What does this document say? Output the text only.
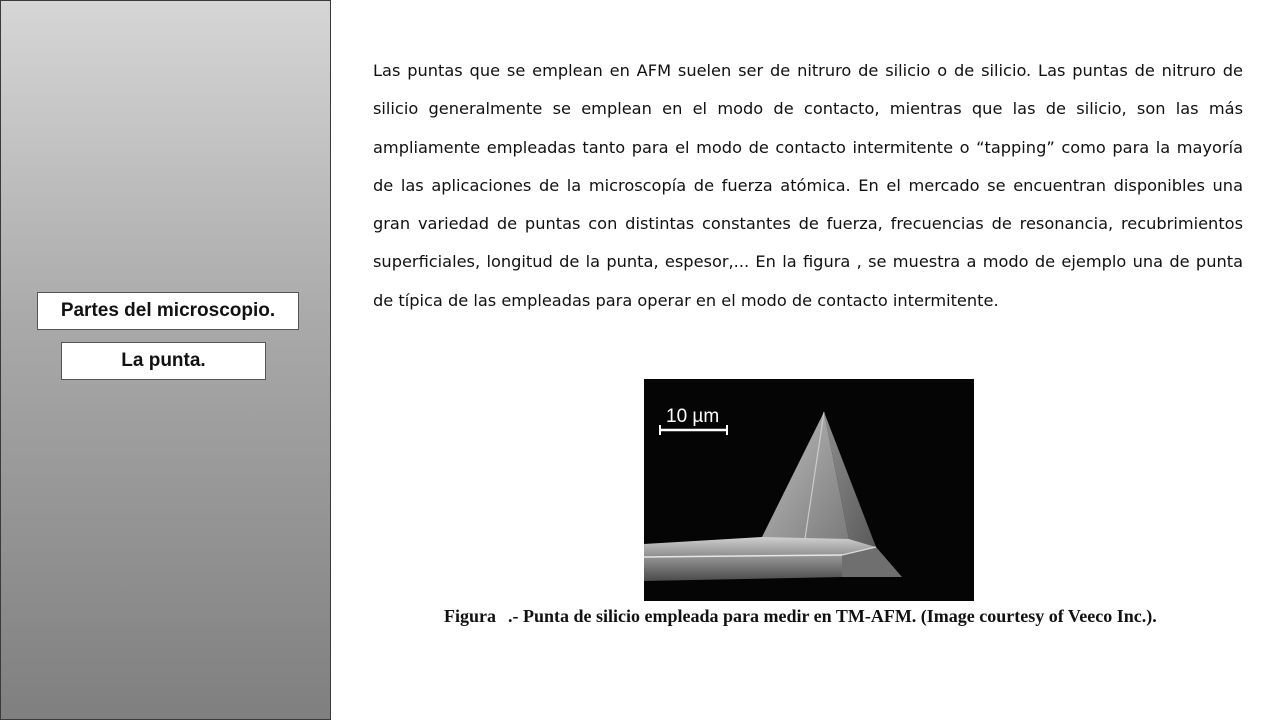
Partes del microscopio.
La punta.

Las puntas que se emplean en AFM suelen ser de nitruro de silicio o de silicio. Las puntas de nitruro de silicio generalmente se emplean en el modo de contacto, mientras que las de silicio, son las más ampliamente empleadas tanto para el modo de contacto intermitente o “tapping” como para la mayoría de las aplicaciones de la microscopía de fuerza atómica. En el mercado se encuentran disponibles una gran variedad de puntas con distintas constantes de fuerza, frecuencias de resonancia, recubrimientos superficiales, longitud de la punta, espesor,... En la figura , se muestra a modo de ejemplo una de punta de típica de las empleadas para operar en el modo de contacto intermitente.

10 µm

Figura .- Punta de silicio empleada para medir en TM-AFM. (Image courtesy of Veeco Inc.).
